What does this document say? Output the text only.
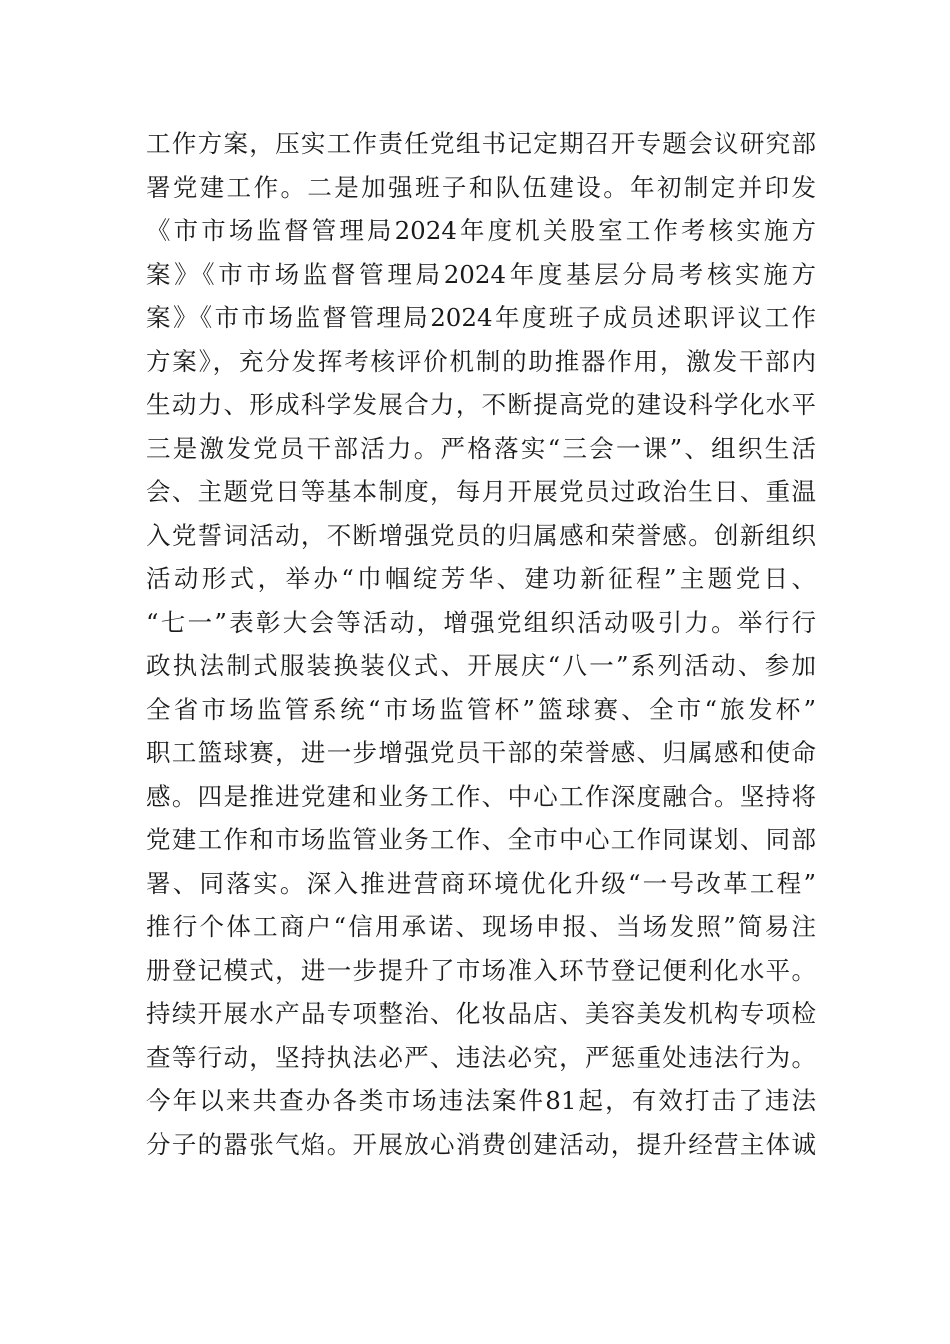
工作方案，压实工作责任党组书记定期召开专题会议研究部
署党建工作。二是加强班子和队伍建设。年初制定并印发
《市市场监督管理局2024年度机关股室工作考核实施方
案》《市市场监督管理局2024年度基层分局考核实施方
案》《市市场监督管理局2024年度班子成员述职评议工作
方案》，充分发挥考核评价机制的助推器作用，激发干部内
生动力、形成科学发展合力，不断提高党的建设科学化水平
三是激发党员干部活力。严格落实“三会一课”、组织生活
会、主题党日等基本制度，每月开展党员过政治生日、重温
入党誓词活动，不断增强党员的归属感和荣誉感。创新组织
活动形式，举办“巾帼绽芳华、建功新征程”主题党日、
“七一”表彰大会等活动，增强党组织活动吸引力。举行行
政执法制式服装换装仪式、开展庆“八一”系列活动、参加
全省市场监管系统“市场监管杯”篮球赛、全市“旅发杯”
职工篮球赛，进一步增强党员干部的荣誉感、归属感和使命
感。四是推进党建和业务工作、中心工作深度融合。坚持将
党建工作和市场监管业务工作、全市中心工作同谋划、同部
署、同落实。深入推进营商环境优化升级“一号改革工程”
推行个体工商户“信用承诺、现场申报、当场发照”简易注
册登记模式，进一步提升了市场准入环节登记便利化水平。
持续开展水产品专项整治、化妆品店、美容美发机构专项检
查等行动，坚持执法必严、违法必究，严惩重处违法行为。
今年以来共查办各类市场违法案件81起，有效打击了违法
分子的嚣张气焰。开展放心消费创建活动，提升经营主体诚
